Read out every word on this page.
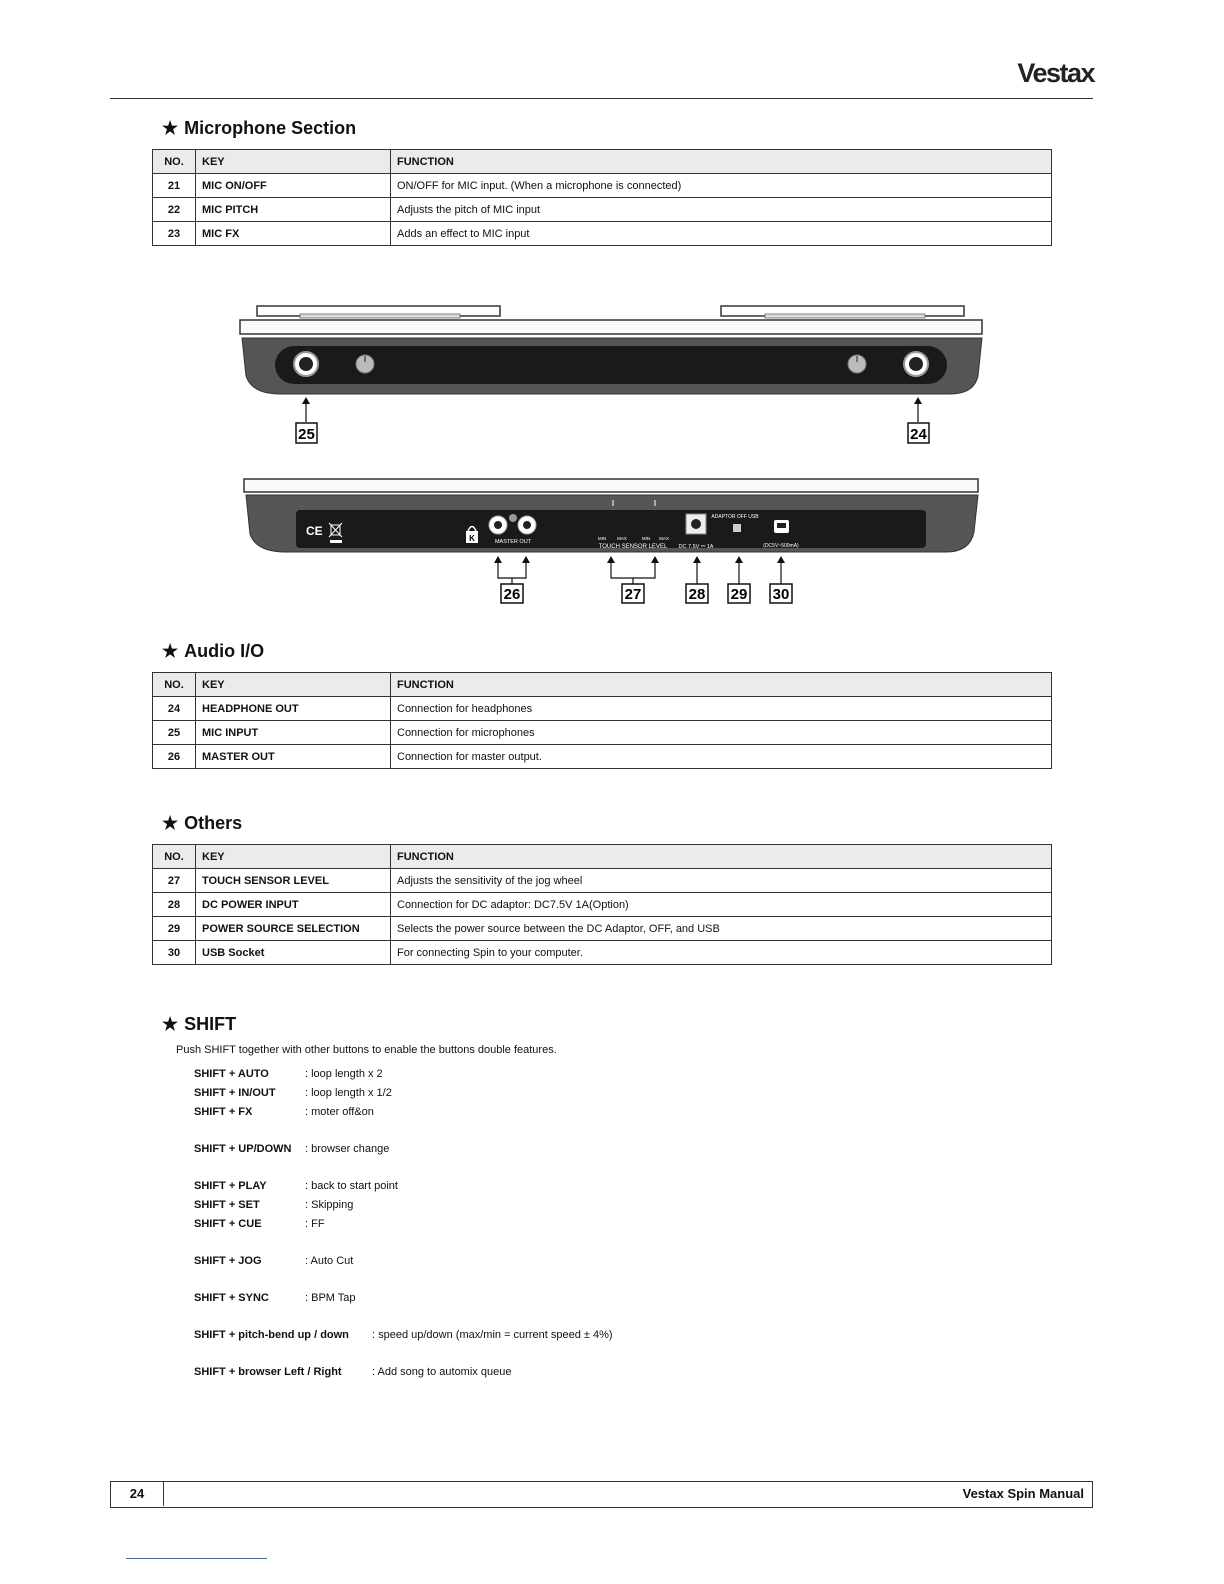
Vestax
★ Microphone Section
NO.	KEY	FUNCTION
21	MIC ON/OFF	ON/OFF for MIC input. (When a microphone is connected)
22	MIC PITCH	Adjusts the pitch of MIC input
23	MIC FX	Adds an effect to MIC input
25	24
CE
K	MASTER OUT
MIN MAX	MIN MAX
TOUCH SENSOR LEVEL DC 7.5V ⎓ 1A
ADAPTOR OFF USB
(DC5V~500mA)
26	27	28 29 30
★ Audio I/O
NO.	KEY	FUNCTION
24	HEADPHONE OUT	Connection for headphones
25	MIC INPUT	Connection for microphones
26	MASTER OUT	Connection for master output.
★ Others
NO.	KEY	FUNCTION
27	TOUCH SENSOR LEVEL	Adjusts the sensitivity of the jog wheel
28	DC POWER INPUT	Connection for DC adaptor: DC7.5V 1A(Option)
29	POWER SOURCE SELECTION	Selects the power source between the DC Adaptor, OFF, and USB
30	USB Socket	For connecting Spin to your computer.
★ SHIFT
Push SHIFT together with other buttons to enable the buttons double features.
SHIFT + AUTO	: loop length x 2
SHIFT + IN/OUT	: loop length x 1/2
SHIFT + FX	: moter off&on
SHIFT + UP/DOWN : browser change
SHIFT + PLAY	: back to start point
SHIFT + SET	: Skipping
SHIFT + CUE	: FF
SHIFT + JOG	: Auto Cut
SHIFT + SYNC	: BPM Tap
SHIFT + pitch-bend up / down : speed up/down (max/min = current speed ± 4%)
SHIFT + browser Left / Right	: Add song to automix queue
24	Vestax Spin Manual
